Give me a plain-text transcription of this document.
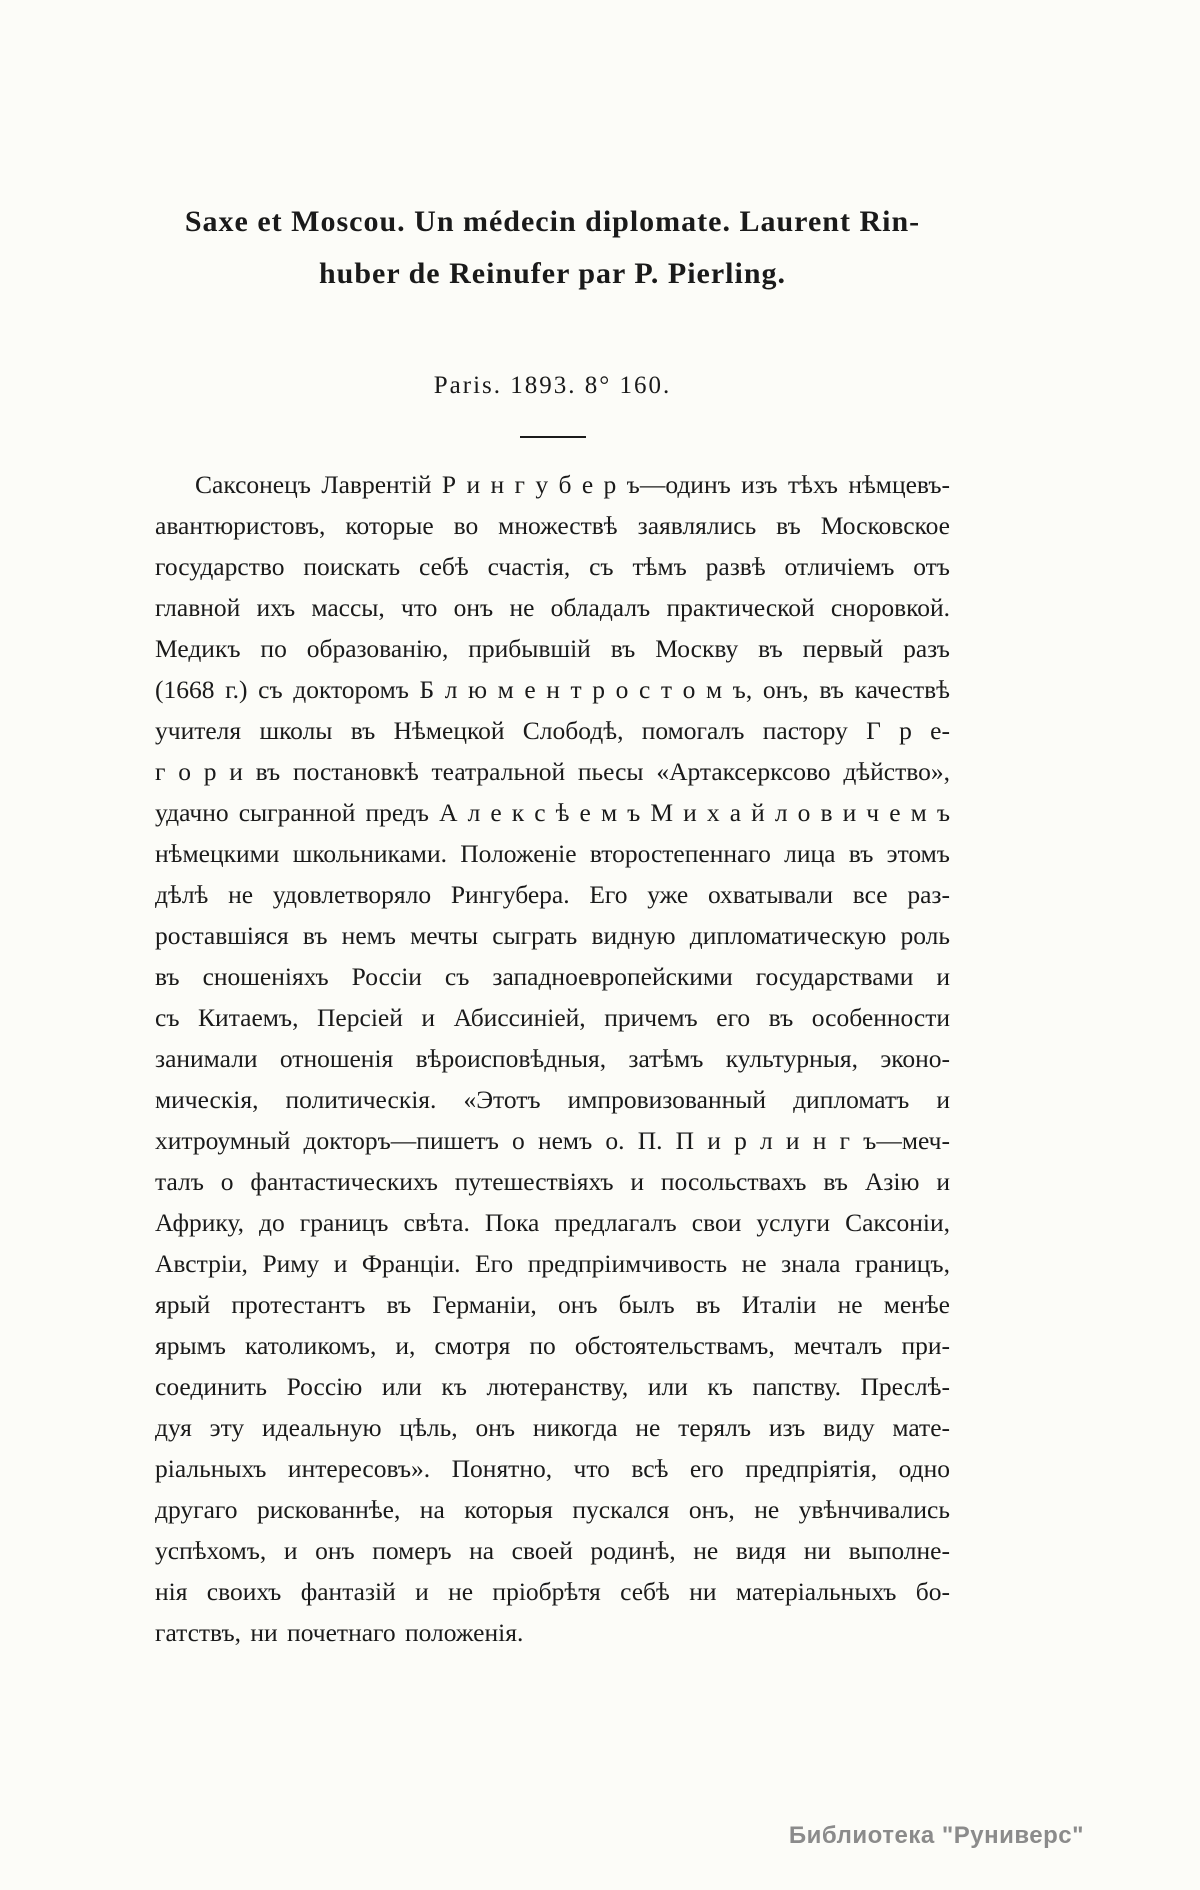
Saxe et Moscou. Un médecin diplomate. Laurent Rin-
huber de Reinufer par P. Pierling.
Paris. 1893. 8° 160.
Саксонецъ Лаврентій Р и н г у б е р ъ—одинъ изъ тѣхъ нѣмцевъ-
авантюристовъ, которые во множествѣ заявлялись въ Московское
государство поискать себѣ счастія, съ тѣмъ развѣ отличіемъ отъ
главной ихъ массы, что онъ не обладалъ практической сноровкой.
Медикъ по образованію, прибывшій въ Москву въ первый разъ
(1668 г.) съ докторомъ Б л ю м е н т р о с т о м ъ, онъ, въ качествѣ
учителя школы въ Нѣмецкой Слободѣ, помогалъ пастору Г р е-
г о р и въ постановкѣ театральной пьесы «Артаксерксово дѣйство»,
удачно сыгранной предъ А л е к с ѣ е м ъ М и х а й л о в и ч е м ъ
нѣмецкими школьниками. Положеніе второстепеннаго лица въ этомъ
дѣлѣ не удовлетворяло Рингубера. Его уже охватывали все раз-
роставшіяся въ немъ мечты сыграть видную дипломатическую роль
въ сношеніяхъ Россіи съ западноевропейскими государствами и
съ Китаемъ, Персіей и Абиссиніей, причемъ его въ особенности
занимали отношенія вѣроисповѣдныя, затѣмъ культурныя, эконо-
мическія, политическія. «Этотъ импровизованный дипломатъ и
хитроумный докторъ—пишетъ о немъ о. П. П и р л и н г ъ—меч-
талъ о фантастическихъ путешествіяхъ и посольствахъ въ Азію и
Африку, до границъ свѣта. Пока предлагалъ свои услуги Саксоніи,
Австріи, Риму и Франціи. Его предпріимчивость не знала границъ,
ярый протестантъ въ Германіи, онъ былъ въ Италіи не менѣе
ярымъ католикомъ, и, смотря по обстоятельствамъ, мечталъ при-
соединить Россію или къ лютеранству, или къ папству. Преслѣ-
дуя эту идеальную цѣль, онъ никогда не терялъ изъ виду мате-
ріальныхъ интересовъ». Понятно, что всѣ его предпріятія, одно
другаго рискованнѣе, на которыя пускался онъ, не увѣнчивались
успѣхомъ, и онъ померъ на своей родинѣ, не видя ни выполне-
нія своихъ фантазій и не пріобрѣтя себѣ ни матеріальныхъ бо-
гатствъ, ни почетнаго положенія.
Библиотека "Руниверс"
